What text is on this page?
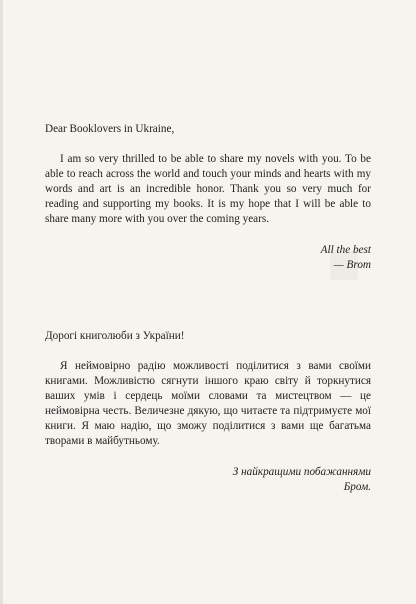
Dear Booklovers in Ukraine,

I am so very thrilled to be able to share my novels with you. To be able to reach across the world and touch your minds and hearts with my words and art is an incredible honor. Thank you so very much for reading and supporting my books. It is my hope that I will be able to share many more with you over the coming years.

All the best
— Brom

Дорогі книголюби з України!

Я неймовірно радію можливості поділитися з вами своїми книгами. Можливістю сягнути іншого краю світу й торкнутися ваших умів і сердець моїми словами та мистецтвом — це неймовірна честь. Величезне дякую, що читаєте та підтримуєте мої книги. Я маю надію, що зможу поділитися з вами ще багатьма творами в майбутньому.

З найкращими побажаннями
Бром.
